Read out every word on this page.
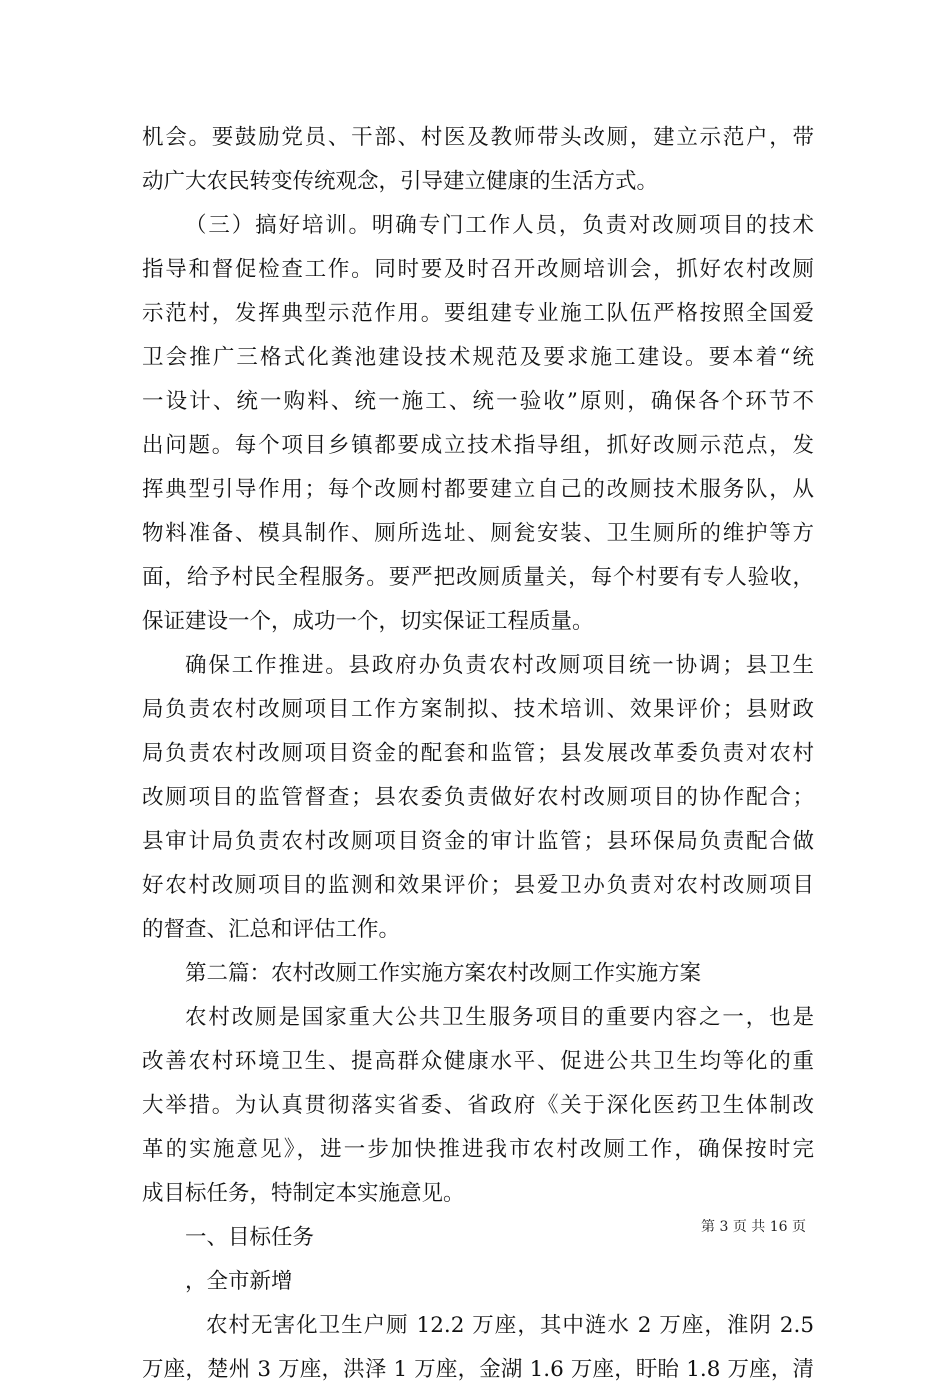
机会。要鼓励党员、干部、村医及教师带头改厕，建立示范户，带
动广大农民转变传统观念，引导建立健康的生活方式。
（三）搞好培训。明确专门工作人员，负责对改厕项目的技术
指导和督促检查工作。同时要及时召开改厕培训会，抓好农村改厕
示范村，发挥典型示范作用。要组建专业施工队伍严格按照全国爱
卫会推广三格式化粪池建设技术规范及要求施工建设。要本着“统
一设计、统一购料、统一施工、统一验收”原则，确保各个环节不
出问题。每个项目乡镇都要成立技术指导组，抓好改厕示范点，发
挥典型引导作用；每个改厕村都要建立自己的改厕技术服务队，从
物料准备、模具制作、厕所选址、厕瓮安装、卫生厕所的维护等方
面，给予村民全程服务。要严把改厕质量关，每个村要有专人验收，
保证建设一个，成功一个，切实保证工程质量。
确保工作推进。县政府办负责农村改厕项目统一协调；县卫生
局负责农村改厕项目工作方案制拟、技术培训、效果评价；县财政
局负责农村改厕项目资金的配套和监管；县发展改革委负责对农村
改厕项目的监管督查；县农委负责做好农村改厕项目的协作配合；
县审计局负责农村改厕项目资金的审计监管；县环保局负责配合做
好农村改厕项目的监测和效果评价；县爱卫办负责对农村改厕项目
的督查、汇总和评估工作。
第二篇：农村改厕工作实施方案农村改厕工作实施方案
农村改厕是国家重大公共卫生服务项目的重要内容之一，也是
改善农村环境卫生、提高群众健康水平、促进公共卫生均等化的重
大举措。为认真贯彻落实省委、省政府《关于深化医药卫生体制改
革的实施意见》，进一步加快推进我市农村改厕工作，确保按时完
成目标任务，特制定本实施意见。
一、目标任务
，全市新增
农村无害化卫生户厕 12.2 万座，其中涟水 2 万座，淮阴 2.5
万座，楚州 3 万座，洪泽 1 万座，金湖 1.6 万座，盱眙 1.8 万座，清
第 3 页 共 16 页
